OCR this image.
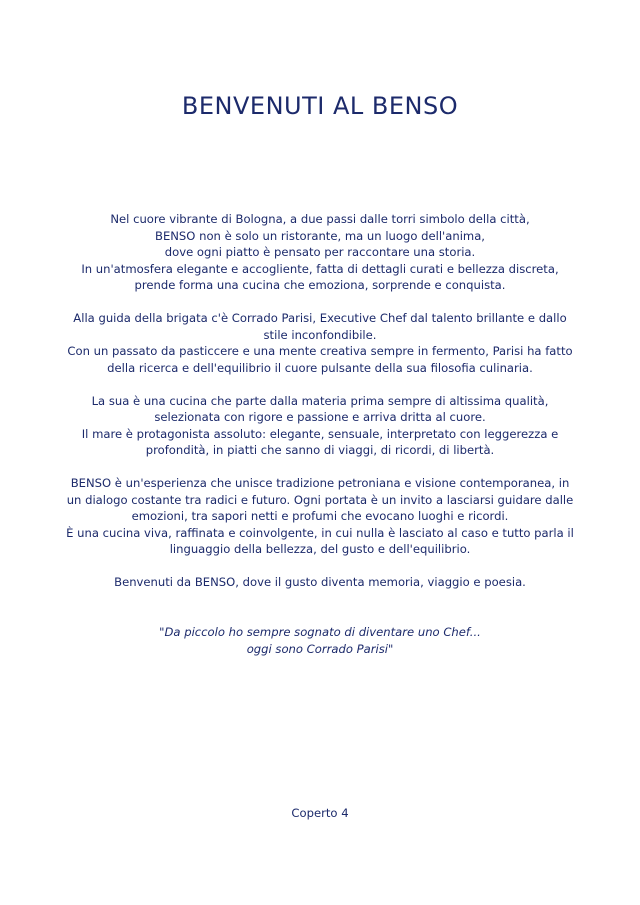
BENVENUTI AL BENSO

Nel cuore vibrante di Bologna, a due passi dalle torri simbolo della città,
BENSO non è solo un ristorante, ma un luogo dell'anima,
dove ogni piatto è pensato per raccontare una storia.
In un'atmosfera elegante e accogliente, fatta di dettagli curati e bellezza discreta,
prende forma una cucina che emoziona, sorprende e conquista.

Alla guida della brigata c'è Corrado Parisi, Executive Chef dal talento brillante e dallo
stile inconfondibile.
Con un passato da pasticcere e una mente creativa sempre in fermento, Parisi ha fatto
della ricerca e dell'equilibrio il cuore pulsante della sua filosofia culinaria.

La sua è una cucina che parte dalla materia prima sempre di altissima qualità,
selezionata con rigore e passione e arriva dritta al cuore.
Il mare è protagonista assoluto: elegante, sensuale, interpretato con leggerezza e
profondità, in piatti che sanno di viaggi, di ricordi, di libertà.

BENSO è un'esperienza che unisce tradizione petroniana e visione contemporanea, in
un dialogo costante tra radici e futuro. Ogni portata è un invito a lasciarsi guidare dalle
emozioni, tra sapori netti e profumi che evocano luoghi e ricordi.
È una cucina viva, raffinata e coinvolgente, in cui nulla è lasciato al caso e tutto parla il
linguaggio della bellezza, del gusto e dell'equilibrio.

Benvenuti da BENSO, dove il gusto diventa memoria, viaggio e poesia.

"Da piccolo ho sempre sognato di diventare uno Chef...
oggi sono Corrado Parisi"
Coperto 4
